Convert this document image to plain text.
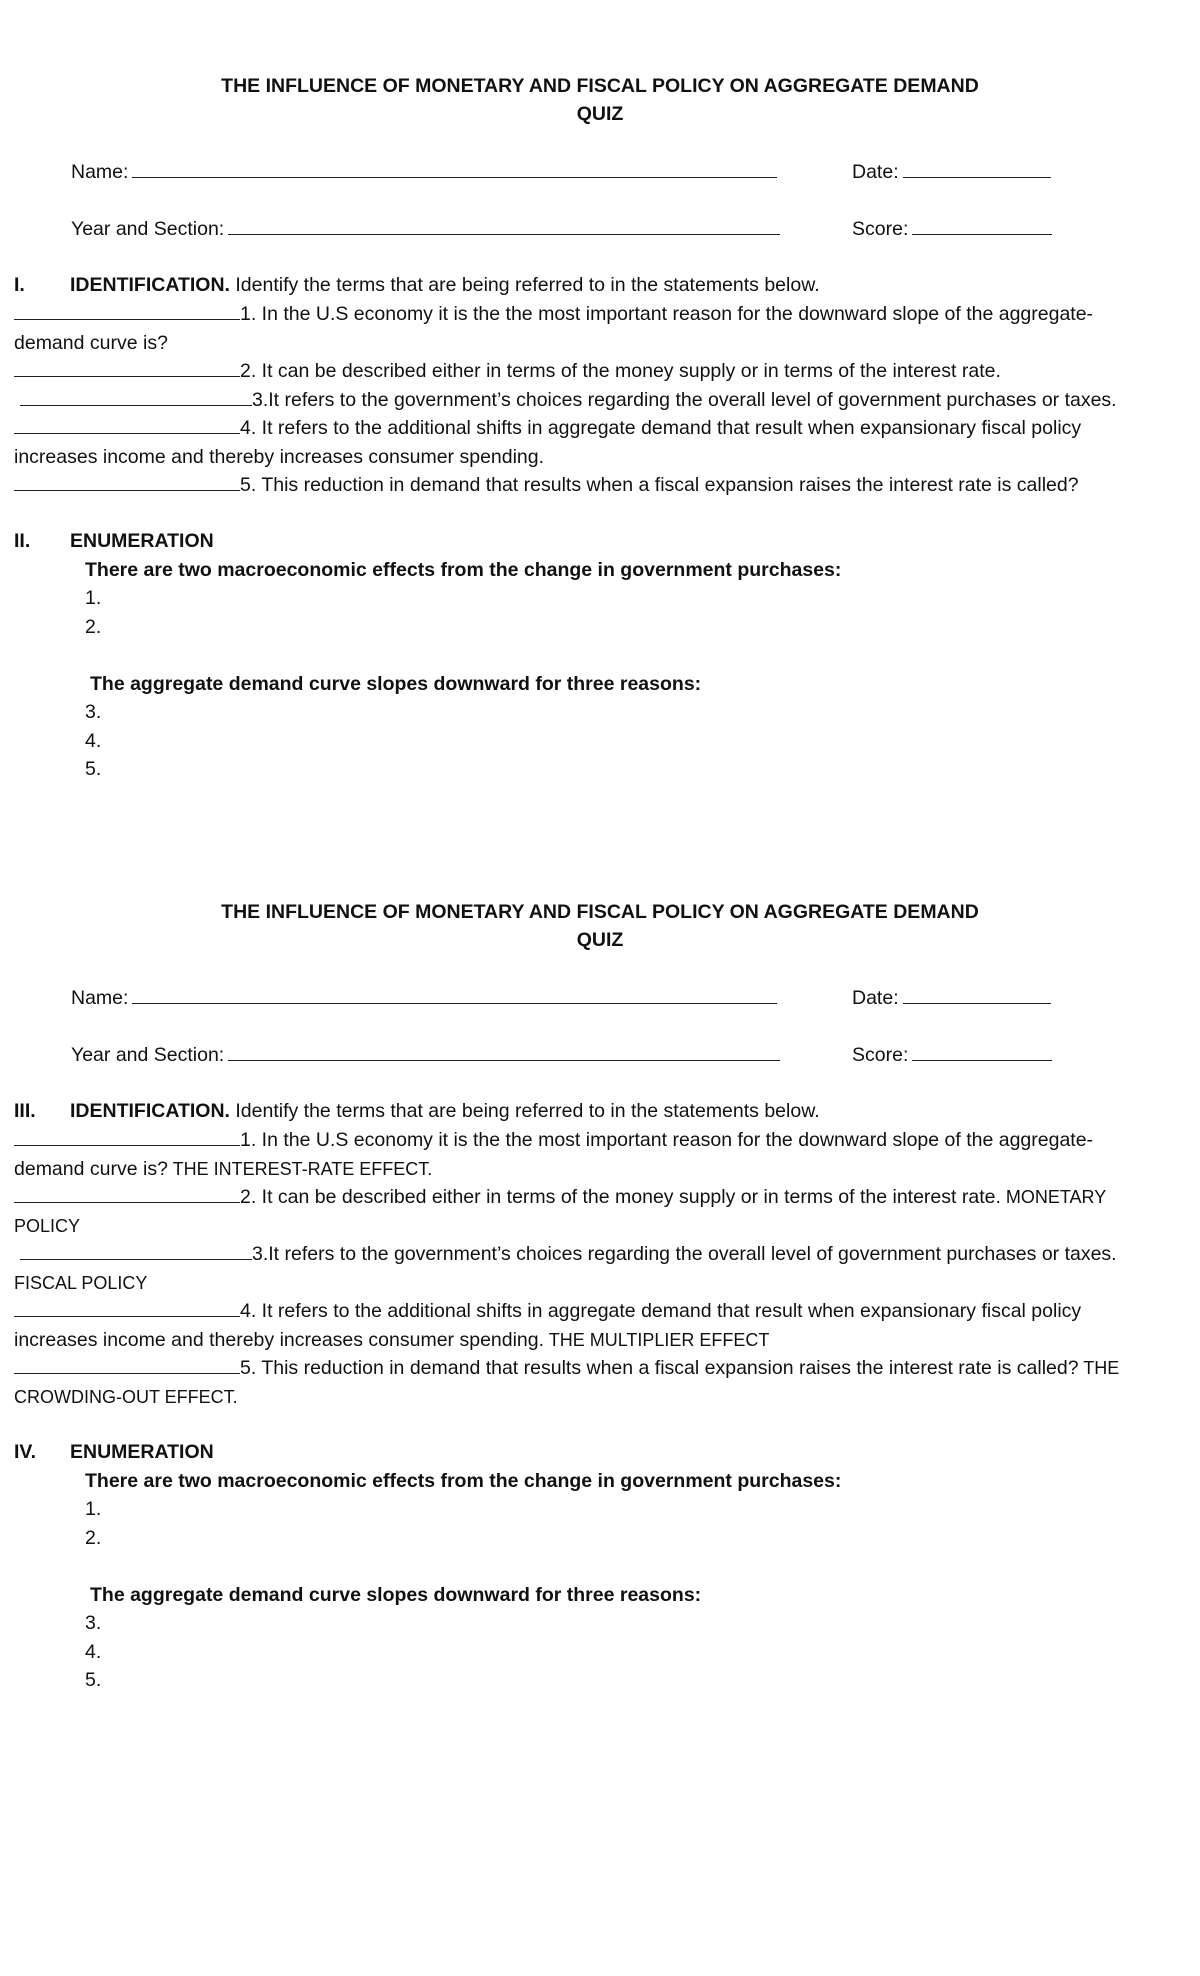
THE INFLUENCE OF MONETARY AND FISCAL POLICY ON AGGREGATE DEMAND
QUIZ
Name:	Date:
Year and Section:	Score:
I. IDENTIFICATION. Identify the terms that are being referred to in the statements below.
1. In the U.S economy it is the the most important reason for the downward slope of the aggregate-demand curve is?
2. It can be described either in terms of the money supply or in terms of the interest rate.
3.It refers to the government’s choices regarding the overall level of government purchases or taxes.
4. It refers to the additional shifts in aggregate demand that result when expansionary fiscal policy increases income and thereby increases consumer spending.
5. This reduction in demand that results when a fiscal expansion raises the interest rate is called?
II. ENUMERATION
There are two macroeconomic effects from the change in government purchases:
1.
2.
The aggregate demand curve slopes downward for three reasons:
3.
4.
5.
THE INFLUENCE OF MONETARY AND FISCAL POLICY ON AGGREGATE DEMAND
QUIZ
Name:	Date:
Year and Section:	Score:
III. IDENTIFICATION. Identify the terms that are being referred to in the statements below.
1. In the U.S economy it is the the most important reason for the downward slope of the aggregate-demand curve is? THE INTEREST-RATE EFFECT.
2. It can be described either in terms of the money supply or in terms of the interest rate. MONETARY POLICY
3.It refers to the government’s choices regarding the overall level of government purchases or taxes. FISCAL POLICY
4. It refers to the additional shifts in aggregate demand that result when expansionary fiscal policy increases income and thereby increases consumer spending. THE MULTIPLIER EFFECT
5. This reduction in demand that results when a fiscal expansion raises the interest rate is called? THE CROWDING-OUT EFFECT.
IV. ENUMERATION
There are two macroeconomic effects from the change in government purchases:
1.
2.
The aggregate demand curve slopes downward for three reasons:
3.
4.
5.
